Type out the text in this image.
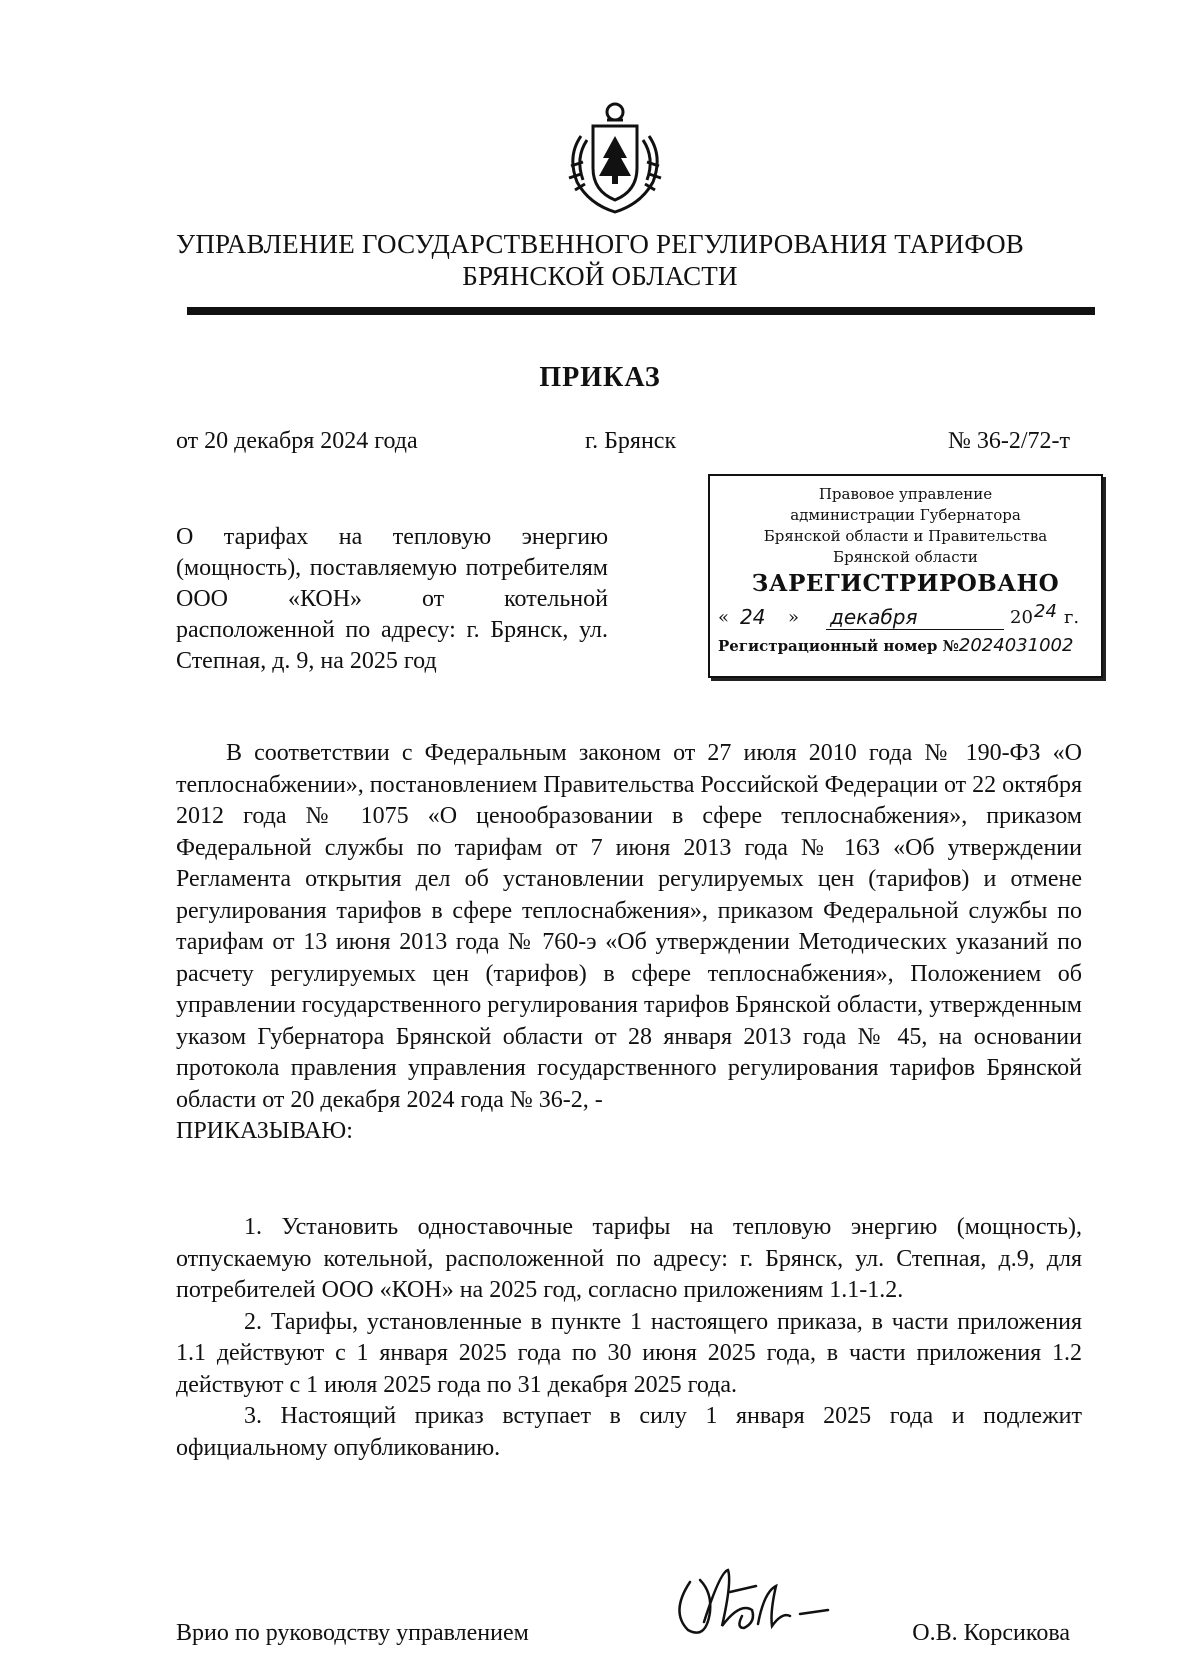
УПРАВЛЕНИЕ ГОСУДАРСТВЕННОГО РЕГУЛИРОВАНИЯ ТАРИФОВ
БРЯНСКОЙ ОБЛАСТИ
ПРИКАЗ
от 20 декабря 2024 года	г. Брянск	№ 36-2/72-т
О тарифах на тепловую энергию (мощность), поставляемую потребителям ООО «КОН» от котельной расположенной по адресу: г. Брянск, ул. Степная, д. 9, на 2025 год
Правовое управление
администрации Губернатора
Брянской области и Правительства
Брянской области
ЗАРЕГИСТРИРОВАНО
« 24 » декабря	20 24 г.
Регистрационный номер №2024031002

В соответствии с Федеральным законом от 27 июля 2010 года № 190-ФЗ «О теплоснабжении», постановлением Правительства Российской Федерации от 22 октября 2012 года № 1075 «О ценообразовании в сфере теплоснабжения», приказом Федеральной службы по тарифам от 7 июня 2013 года № 163 «Об утверждении Регламента открытия дел об установлении регулируемых цен (тарифов) и отмене регулирования тарифов в сфере теплоснабжения», приказом Федеральной службы по тарифам от 13 июня 2013 года № 760-э «Об утверждении Методических указаний по расчету регулируемых цен (тарифов) в сфере теплоснабжения», Положением об управлении государственного регулирования тарифов Брянской области, утвержденным указом Губернатора Брянской области от 28 января 2013 года № 45, на основании протокола правления управления государственного регулирования тарифов Брянской области от 20 декабря 2024 года № 36-2, -

ПРИКАЗЫВАЮ:

1. Установить одноставочные тарифы на тепловую энергию (мощность), отпускаемую котельной, расположенной по адресу: г. Брянск, ул. Степная, д.9, для потребителей ООО «КОН» на 2025 год, согласно приложениям 1.1-1.2.

2. Тарифы, установленные в пункте 1 настоящего приказа, в части приложения 1.1 действуют с 1 января 2025 года по 30 июня 2025 года, в части приложения 1.2 действуют с 1 июля 2025 года по 31 декабря 2025 года.

3. Настоящий приказ вступает в силу 1 января 2025 года и подлежит официальному опубликованию.

Врио по руководству управлением	О.В. Корсикова
